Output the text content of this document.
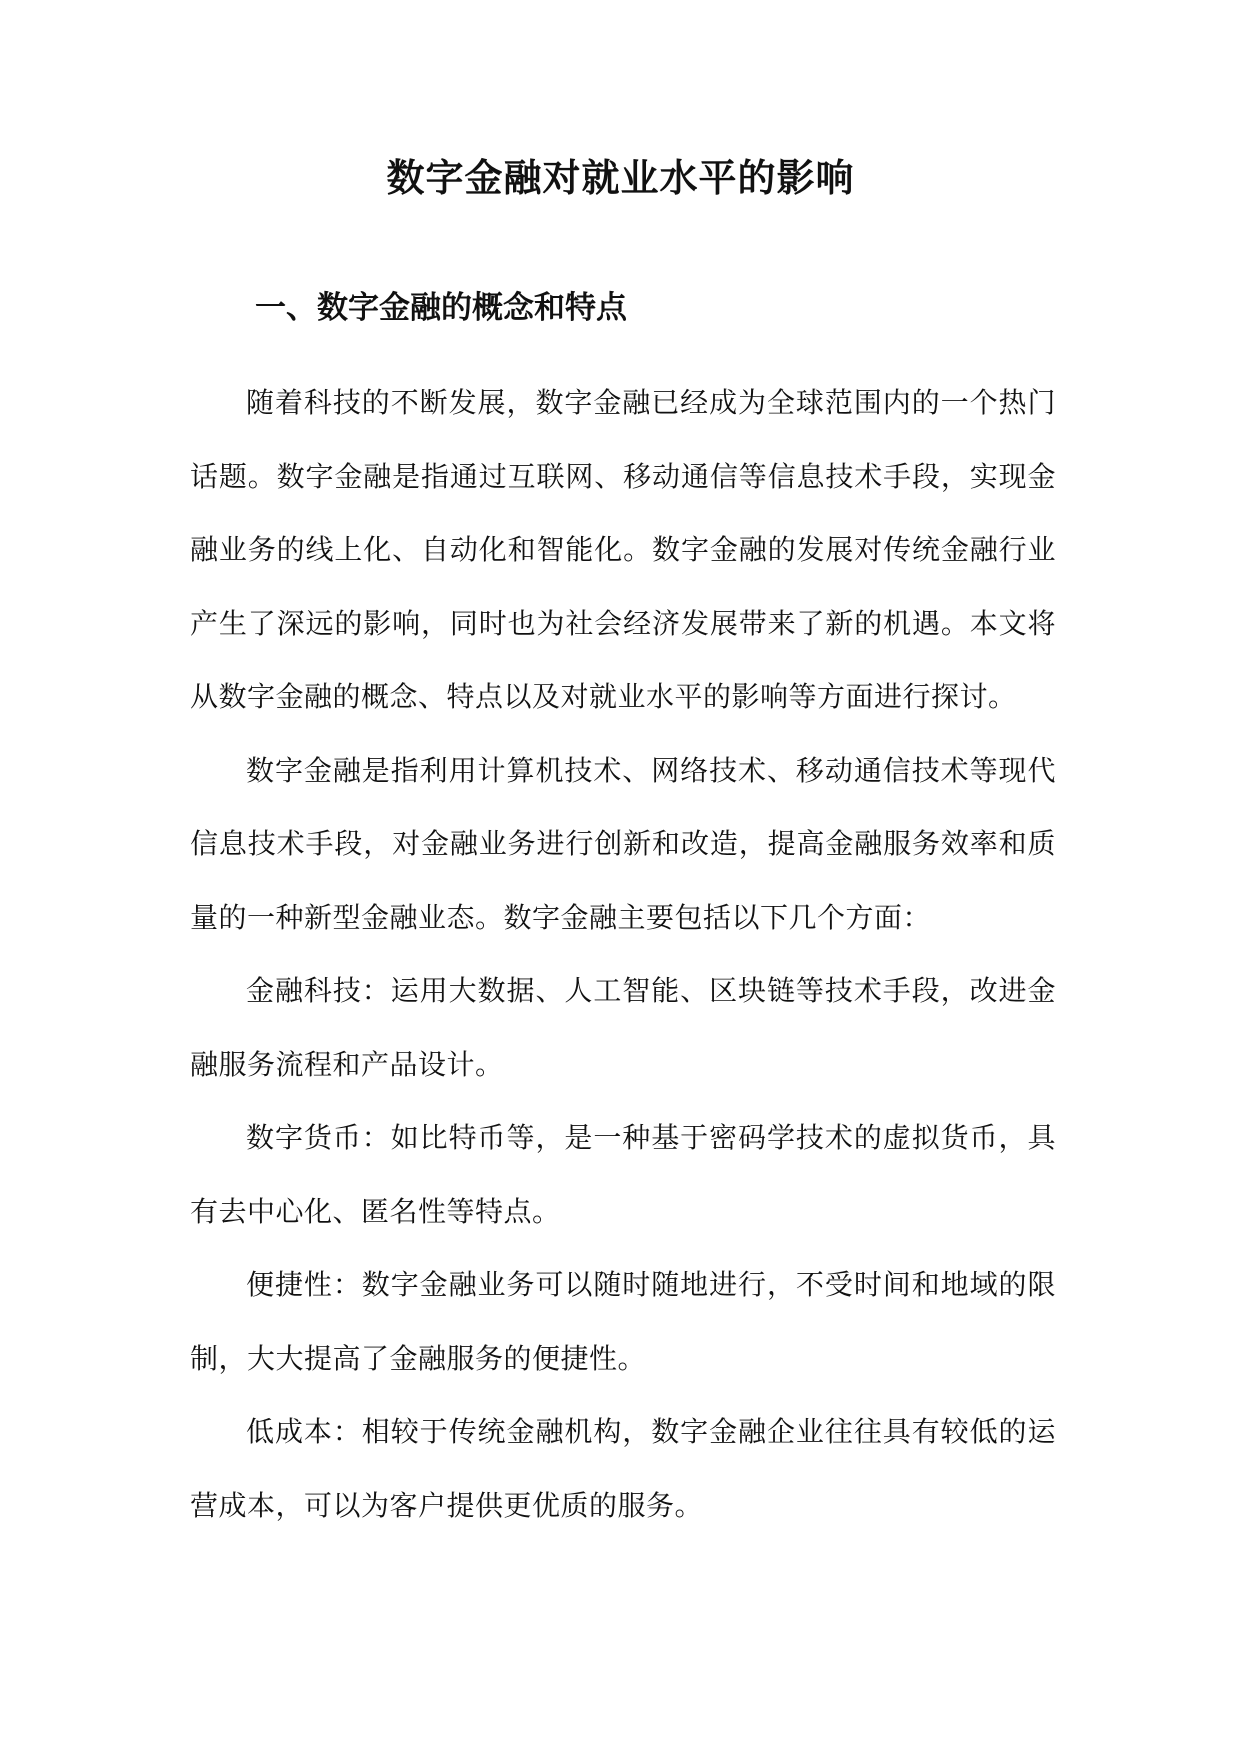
数字金融对就业水平的影响
一、数字金融的概念和特点

随着科技的不断发展，数字金融已经成为全球范围内的一个热门话题。数字金融是指通过互联网、移动通信等信息技术手段，实现金融业务的线上化、自动化和智能化。数字金融的发展对传统金融行业产生了深远的影响，同时也为社会经济发展带来了新的机遇。本文将从数字金融的概念、特点以及对就业水平的影响等方面进行探讨。

数字金融是指利用计算机技术、网络技术、移动通信技术等现代信息技术手段，对金融业务进行创新和改造，提高金融服务效率和质量的一种新型金融业态。数字金融主要包括以下几个方面：

金融科技：运用大数据、人工智能、区块链等技术手段，改进金融服务流程和产品设计。

数字货币：如比特币等，是一种基于密码学技术的虚拟货币，具有去中心化、匿名性等特点。

便捷性：数字金融业务可以随时随地进行，不受时间和地域的限制，大大提高了金融服务的便捷性。

低成本：相较于传统金融机构，数字金融企业往往具有较低的运营成本，可以为客户提供更优质的服务。
